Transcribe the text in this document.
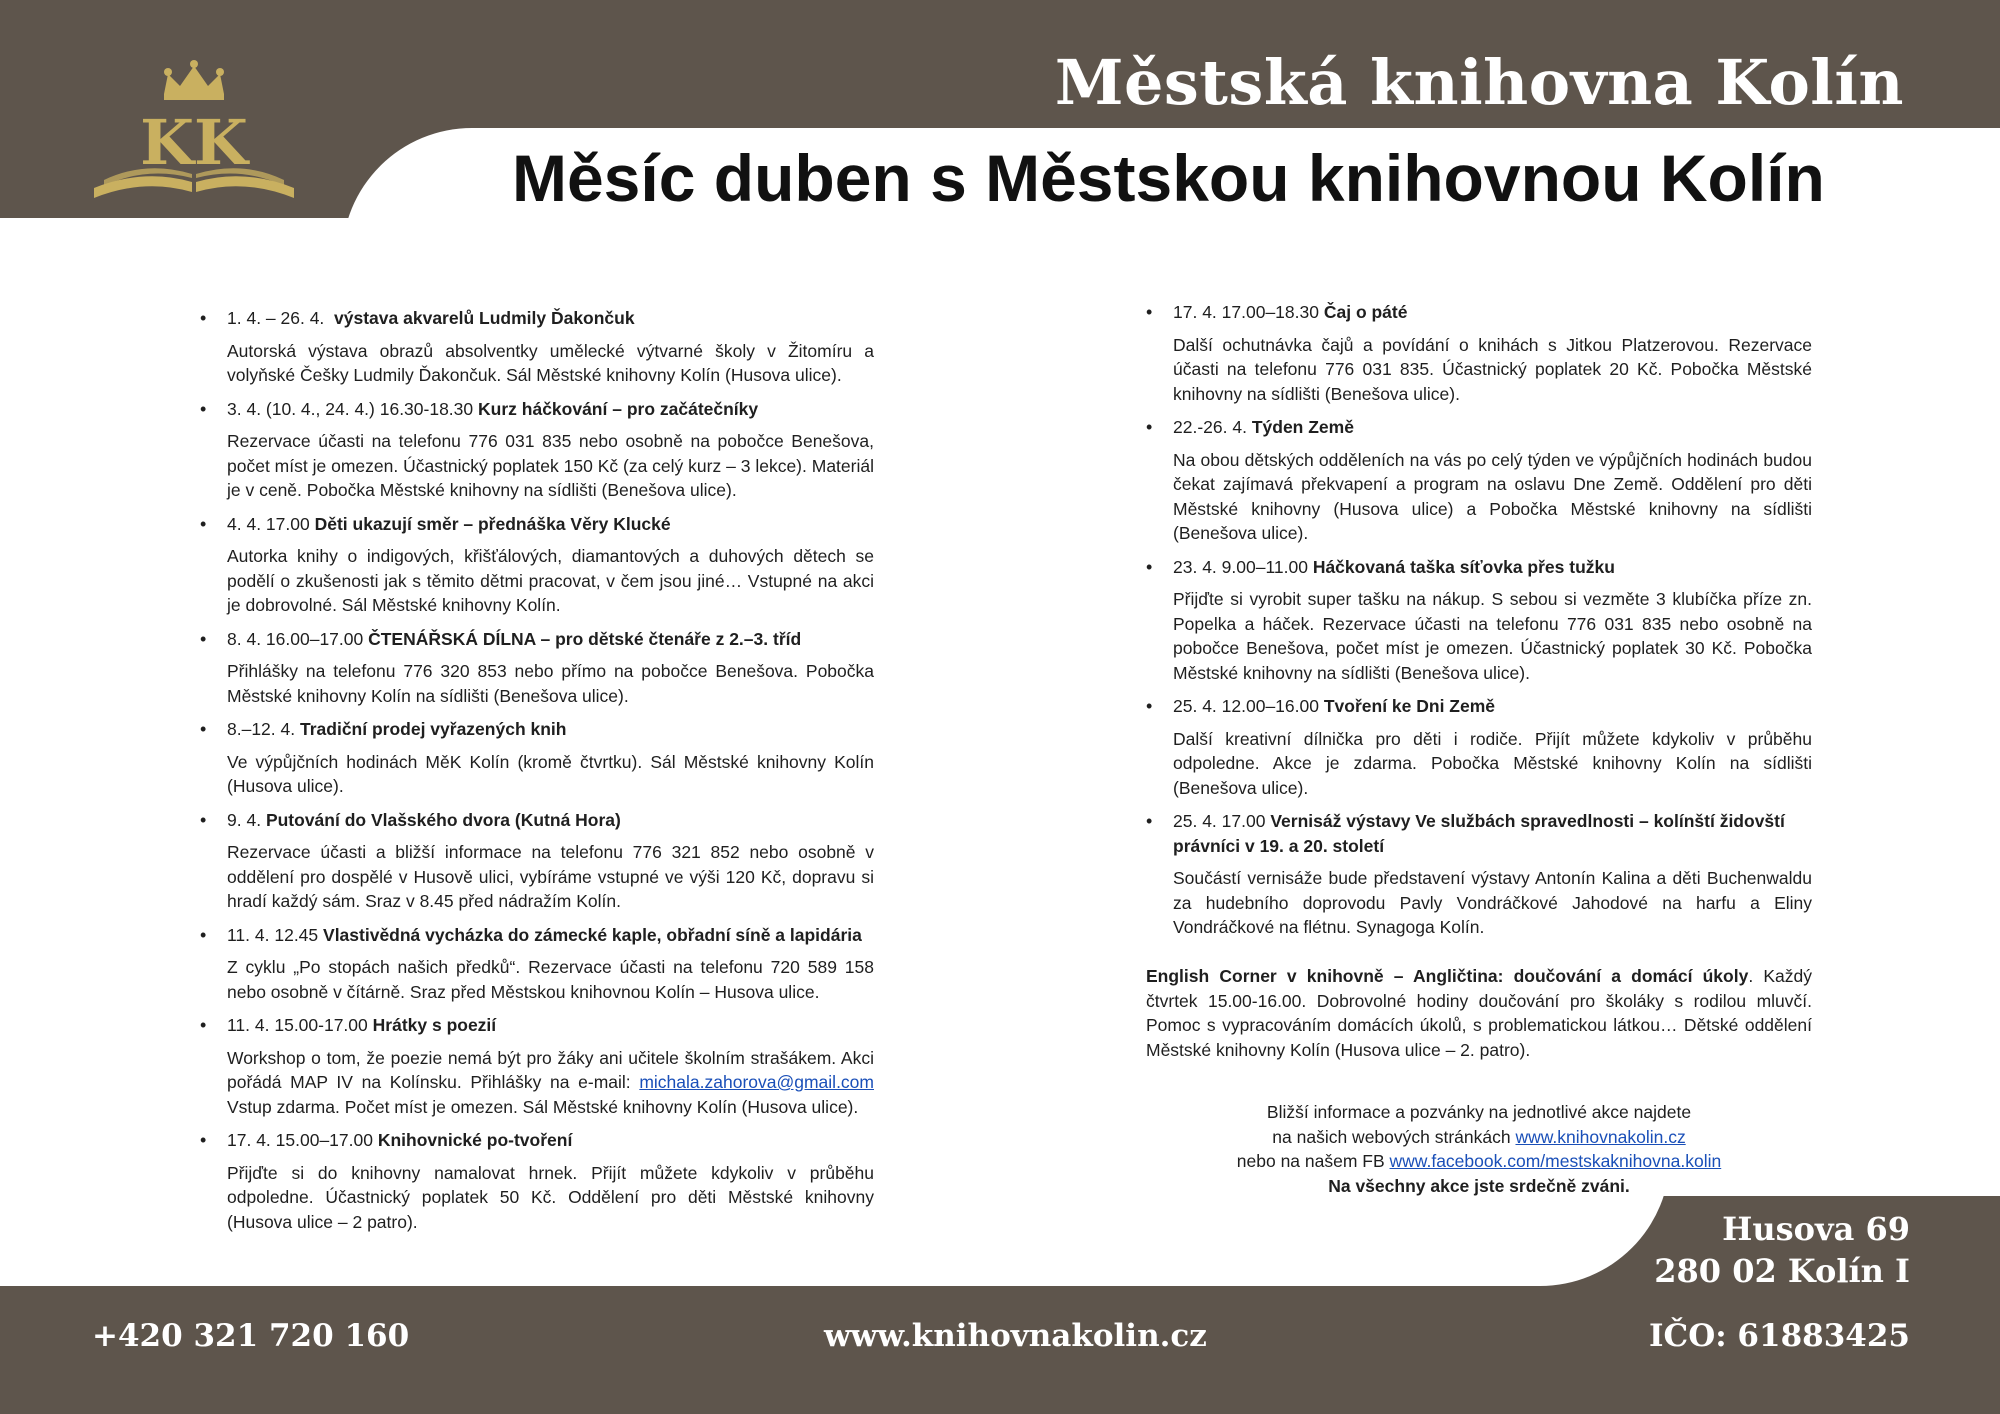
KK
Městská knihovna Kolín
Měsíc duben s Městskou knihovnou Kolín
• 1. 4. – 26. 4. výstava akvarelů Ludmily Ďakončuk
Autorská výstava obrazů absolventky umělecké výtvarné školy v Žitomíru a volyňské Češky Ludmily Ďakončuk. Sál Městské knihovny Kolín (Husova ulice).
• 3. 4. (10. 4., 24. 4.) 16.30-18.30 Kurz háčkování – pro začátečníky
Rezervace účasti na telefonu 776 031 835 nebo osobně na pobočce Benešova, počet míst je omezen. Účastnický poplatek 150 Kč (za celý kurz – 3 lekce). Materiál je v ceně. Pobočka Městské knihovny na sídlišti (Benešova ulice).
• 4. 4. 17.00 Děti ukazují směr – přednáška Věry Klucké
Autorka knihy o indigových, křišťálových, diamantových a duhových dětech se podělí o zkušenosti jak s těmito dětmi pracovat, v čem jsou jiné… Vstupné na akci je dobrovolné. Sál Městské knihovny Kolín.
• 8. 4. 16.00–17.00 ČTENÁŘSKÁ DÍLNA – pro dětské čtenáře z 2.–3. tříd
Přihlášky na telefonu 776 320 853 nebo přímo na pobočce Benešova. Pobočka Městské knihovny Kolín na sídlišti (Benešova ulice).
• 8.–12. 4. Tradiční prodej vyřazených knih
Ve výpůjčních hodinách MěK Kolín (kromě čtvrtku). Sál Městské knihovny Kolín (Husova ulice).
• 9. 4. Putování do Vlašského dvora (Kutná Hora)
Rezervace účasti a bližší informace na telefonu 776 321 852 nebo osobně v oddělení pro dospělé v Husově ulici, vybíráme vstupné ve výši 120 Kč, dopravu si hradí každý sám. Sraz v 8.45 před nádražím Kolín.
• 11. 4. 12.45 Vlastivědná vycházka do zámecké kaple, obřadní síně a lapidária
Z cyklu „Po stopách našich předků“. Rezervace účasti na telefonu 720 589 158 nebo osobně v čítárně. Sraz před Městskou knihovnou Kolín – Husova ulice.
• 11. 4. 15.00-17.00 Hrátky s poezií
Workshop o tom, že poezie nemá být pro žáky ani učitele školním strašákem. Akci pořádá MAP IV na Kolínsku. Přihlášky na e-mail: michala.zahorova@gmail.com Vstup zdarma. Počet míst je omezen. Sál Městské knihovny Kolín (Husova ulice).
• 17. 4. 15.00–17.00 Knihovnické po-tvoření
Přijďte si do knihovny namalovat hrnek. Přijít můžete kdykoliv v průběhu odpoledne. Účastnický poplatek 50 Kč. Oddělení pro děti Městské knihovny (Husova ulice – 2 patro).
• 17. 4. 17.00–18.30 Čaj o páté
Další ochutnávka čajů a povídání o knihách s Jitkou Platzerovou. Rezervace účasti na telefonu 776 031 835. Účastnický poplatek 20 Kč. Pobočka Městské knihovny na sídlišti (Benešova ulice).
• 22.-26. 4. Týden Země
Na obou dětských odděleních na vás po celý týden ve výpůjčních hodinách budou čekat zajímavá překvapení a program na oslavu Dne Země. Oddělení pro děti Městské knihovny (Husova ulice) a Pobočka Městské knihovny na sídlišti (Benešova ulice).
• 23. 4. 9.00–11.00 Háčkovaná taška síťovka přes tužku
Přijďte si vyrobit super tašku na nákup. S sebou si vezměte 3 klubíčka příze zn. Popelka a háček. Rezervace účasti na telefonu 776 031 835 nebo osobně na pobočce Benešova, počet míst je omezen. Účastnický poplatek 30 Kč. Pobočka Městské knihovny na sídlišti (Benešova ulice).
• 25. 4. 12.00–16.00 Tvoření ke Dni Země
Další kreativní dílnička pro děti i rodiče. Přijít můžete kdykoliv v průběhu odpoledne. Akce je zdarma. Pobočka Městské knihovny Kolín na sídlišti (Benešova ulice).
• 25. 4. 17.00 Vernisáž výstavy Ve službách spravedlnosti – kolínští židovští právníci v 19. a 20. století
Součástí vernisáže bude představení výstavy Antonín Kalina a děti Buchenwaldu za hudebního doprovodu Pavly Vondráčkové Jahodové na harfu a Eliny Vondráčkové na flétnu. Synagoga Kolín.
English Corner v knihovně – Angličtina: doučování a domácí úkoly. Každý čtvrtek 15.00-16.00. Dobrovolné hodiny doučování pro školáky s rodilou mluvčí. Pomoc s vypracováním domácích úkolů, s problematickou látkou… Dětské oddělení Městské knihovny Kolín (Husova ulice – 2. patro).
Bližší informace a pozvánky na jednotlivé akce najdete
na našich webových stránkách www.knihovnakolin.cz
nebo na našem FB www.facebook.com/mestskaknihovna.kolin
Na všechny akce jste srdečně zváni.
Husova 69
280 02 Kolín I
+420 321 720 160	www.knihovnakolin.cz	IČO: 61883425
